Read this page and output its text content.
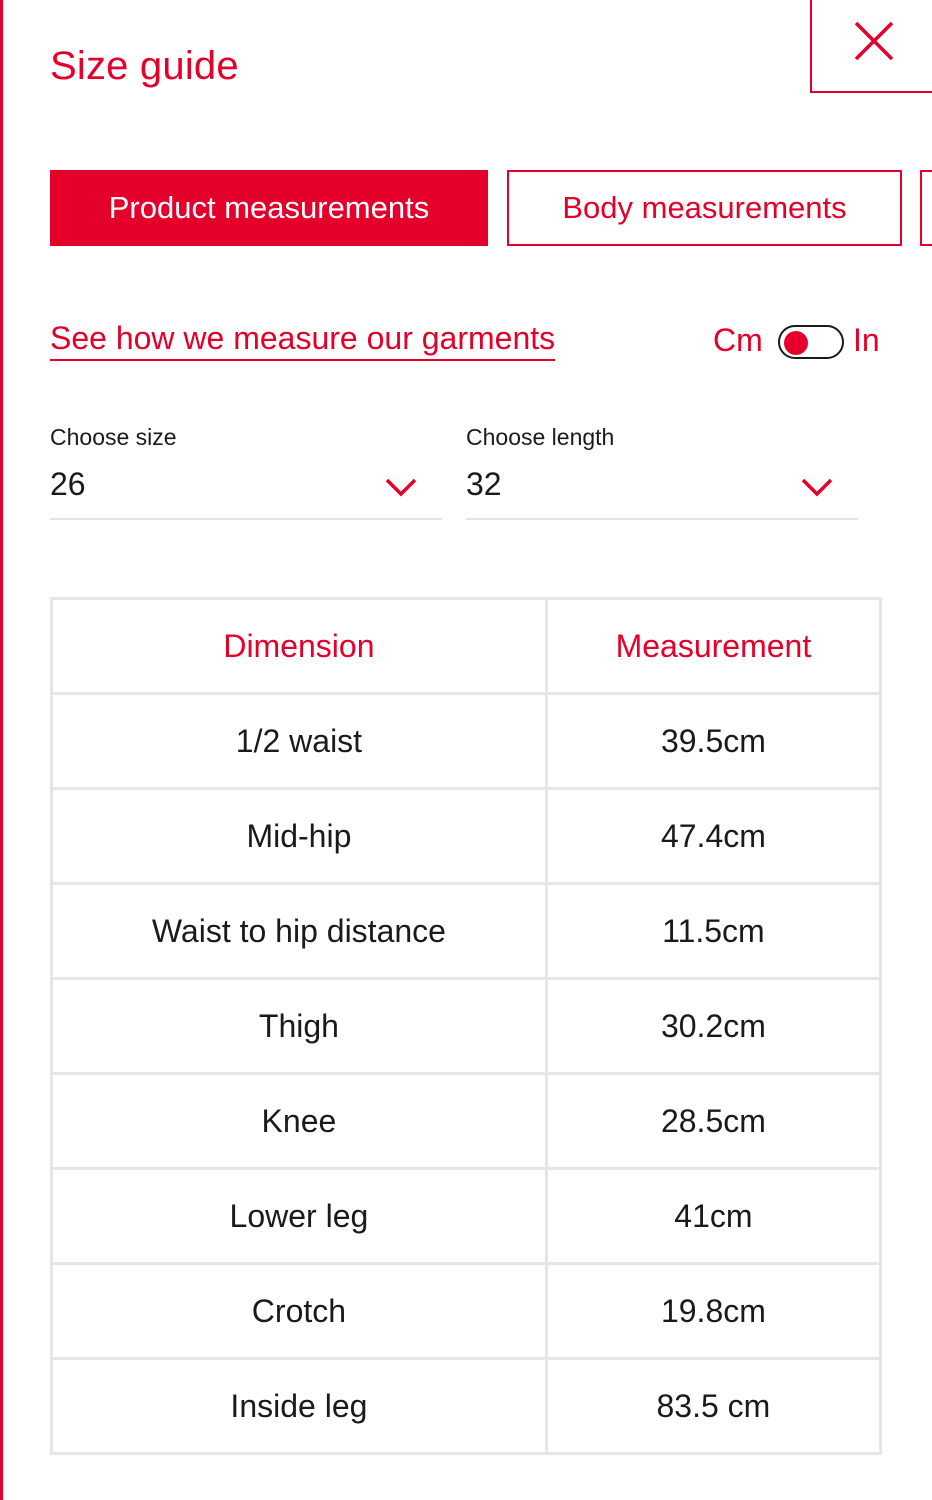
Size guide
Product measurements	Body measurements
See how we measure our garments	Cm	In
Choose size
26
Choose length
32
Dimension	Measurement
1/2 waist	39.5cm
Mid-hip	47.4cm
Waist to hip distance	11.5cm
Thigh	30.2cm
Knee	28.5cm
Lower leg	41cm
Crotch	19.8cm
Inside leg	83.5 cm
